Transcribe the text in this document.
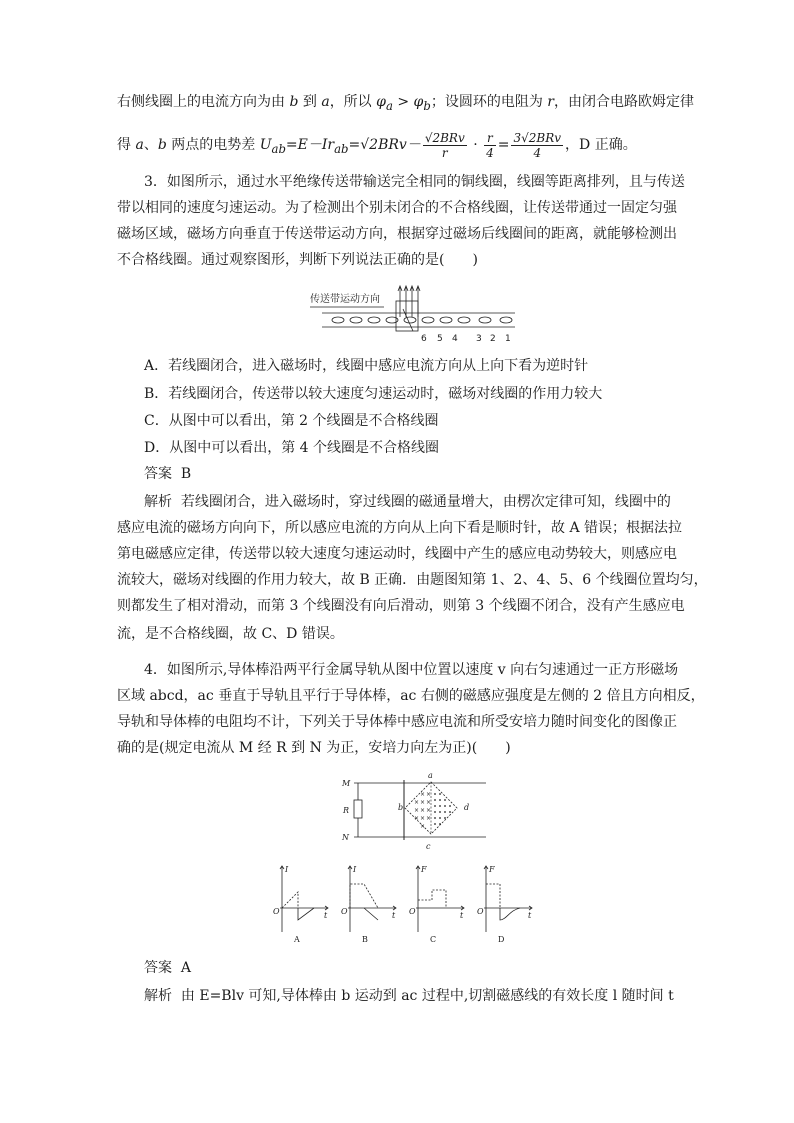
右侧线圈上的电流方向为由 b 到 a，所以 $\varphi_a > \varphi_b$；设圆环的电阻为 r，由闭合电路欧姆定律
得 a、b 两点的电势差 $U_{ab}=E-Ir_{ab}=√2BRv- \frac{\text{√2BRv}}{r} \cdot \frac{r}{4} = \frac{\text{3√2BRv}}{4}$ ，D 正确。
3．如图所示，通过水平绝缘传送带输送完全相同的铜线圈，线圈等距离排列，且与传送
带以相同的速度匀速运动。为了检测出个别未闭合的不合格线圈，让传送带通过一固定匀强
磁场区域，磁场方向垂直于传送带运动方向，根据穿过磁场后线圈间的距离，就能够检测出
不合格线圈。通过观察图形，判断下列说法正确的是(　　)
传送带运动方向
6 5 4 3 2 1
A．若线圈闭合，进入磁场时，线圈中感应电流方向从上向下看为逆时针
B．若线圈闭合，传送带以较大速度匀速运动时，磁场对线圈的作用力较大
C．从图中可以看出，第 2 个线圈是不合格线圈
D．从图中可以看出，第 4 个线圈是不合格线圈
答案 B
解析 若线圈闭合，进入磁场时，穿过线圈的磁通量增大，由楞次定律可知，线圈中的
感应电流的磁场方向向下，所以感应电流的方向从上向下看是顺时针，故 A 错误；根据法拉
第电磁感应定律，传送带以较大速度匀速运动时，线圈中产生的感应电动势较大，则感应电
流较大，磁场对线圈的作用力较大，故 B 正确．由题图知第 1、2、4、5、6 个线圈位置均匀，
则都发生了相对滑动，而第 3 个线圈没有向后滑动，则第 3 个线圈不闭合，没有产生感应电
流，是不合格线圈，故 C、D 错误。
4．如图所示,导体棒沿两平行金属导轨从图中位置以速度 v 向右匀速通过一正方形磁场
区域 abcd，ac 垂直于导轨且平行于导体棒，ac 右侧的磁感应强度是左侧的 2 倍且方向相反，
导轨和导体棒的电阻均不计，下列关于导体棒中感应电流和所受安培力随时间变化的图像正
确的是(规定电流从 M 经 R 到 N 为正，安培力向左为正)(　　)
M
N
R
a
b
c
d
× ×
× × ×
× × ×
× × ×
×
I
t
O
I
t
O
F
t
O
F
t
O
A	B	C	D
答案 A
解析 由 E=Blv 可知,导体棒由 b 运动到 ac 过程中,切割磁感线的有效长度 l 随时间 t
